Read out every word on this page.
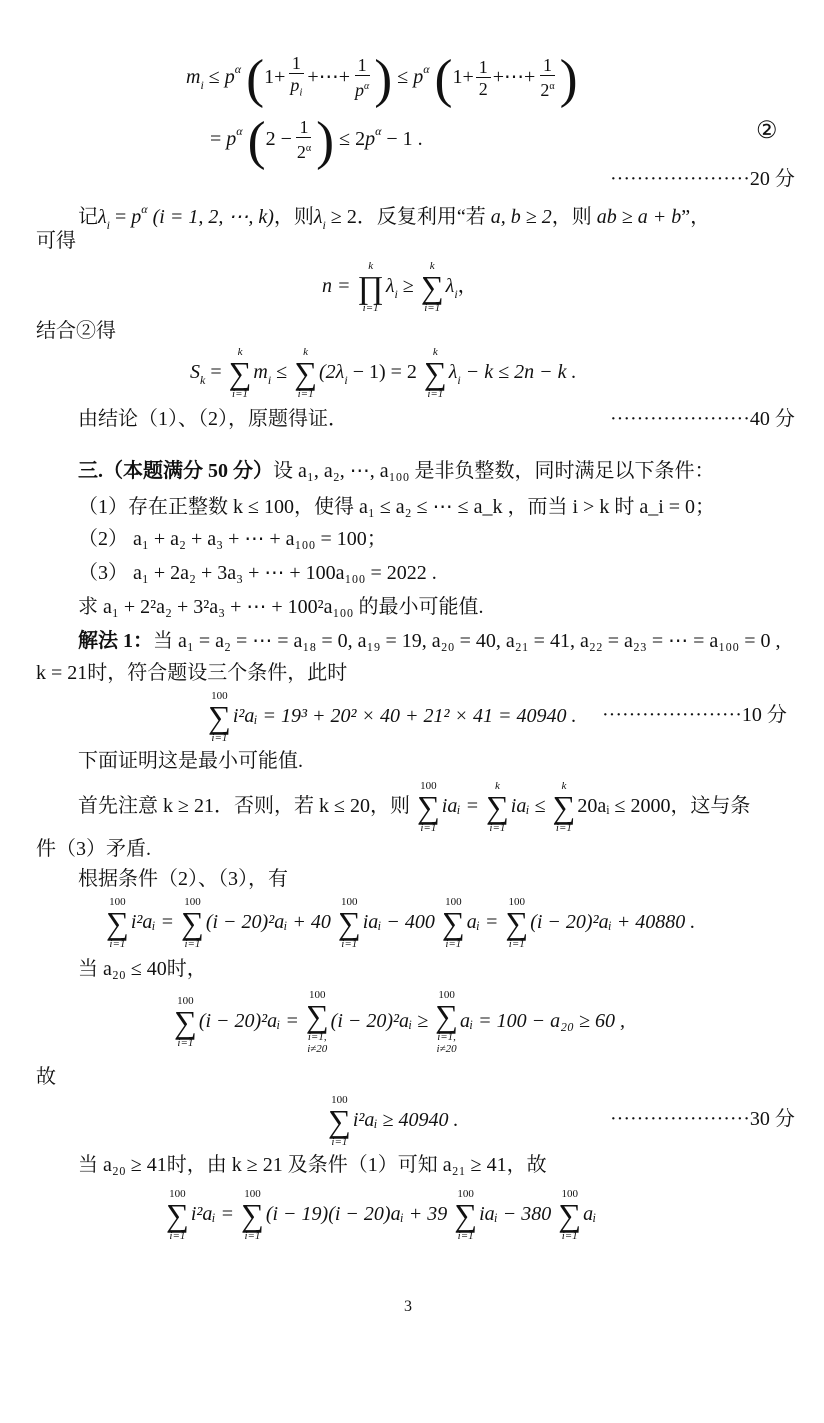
$m_i \le p^\alpha$ ($1+ \frac{1}{p_i}$ +⋯+ $\frac{1}{p^\alpha}$ ) ≤ $p^\alpha$ ($1+ \frac{1}{2}$ +⋯+ $\frac{1}{2^\alpha}$ )
= $p^\alpha$ ($2 - \frac{1}{2^\alpha}$ ) ≤ $2p^\alpha - 1$ .	②
·····················20 分
记$\lambda_i = p^\alpha$ (i = 1, 2, ⋯, k)，则$\lambda_i \ge 2$．反复利用“若 a, b ≥ 2，则 ab ≥ a + b”，
可得
n =
k
∏
i=1
$\lambda_i$ ≥
k
∑
i=1
$\lambda_i$，
结合②得
$S_k$ =
k
∑
i=1
$m_i$ ≤
k
∑
i=1
$(2\lambda_i - 1) = 2$
k
∑
i=1
$\lambda_i - k \le 2n - k$ .
由结论（1）、（2），原题得证．	·····················40 分
三.（本题满分 50 分）设 a₁, a₂, ⋯, a₁₀₀ 是非负整数，同时满足以下条件：
（1）存在正整数 k ≤ 100，使得 a₁ ≤ a₂ ≤ ⋯ ≤ a_k ，而当 i > k 时 a_i = 0；
（2） a₁ + a₂ + a₃ + ⋯ + a₁₀₀ = 100；
（3） a₁ + 2a₂ + 3a₃ + ⋯ + 100a₁₀₀ = 2022 .
求 a₁ + 2²a₂ + 3²a₃ + ⋯ + 100²a₁₀₀ 的最小可能值.
解法 1：当 a₁ = a₂ = ⋯ = a₁₈ = 0, a₁₉ = 19, a₂₀ = 40, a₂₁ = 41, a₂₂ = a₂₃ = ⋯ = a₁₀₀ = 0 ,
k = 21时，符合题设三个条件，此时
100
∑
i=1
i²aᵢ = 19³ + 20² × 40 + 21² × 41 = 40940 . ·····················10 分
下面证明这是最小可能值.
首先注意 k ≥ 21．否则，若 k ≤ 20，则
100
∑
i=1
iaᵢ =
k
∑
i=1
iaᵢ ≤
k
∑
i=1
20aᵢ ≤ 2000，这与条
件（3）矛盾.
根据条件（2）、（3），有
100
∑
i=1
i²aᵢ =
100
∑
i=1
(i − 20)²aᵢ + 40
100
∑
i=1
iaᵢ − 400
100
∑
i=1
aᵢ =
100
∑
i=1
(i − 20)²aᵢ + 40880 .
当 a₂₀ ≤ 40时，
100
∑
i=1
(i − 20)²aᵢ =
100
∑
i=1,
i≠20
(i − 20)²aᵢ ≥
100
∑
i=1,
i≠20
aᵢ = 100 − a₂₀ ≥ 60 ,
故
100
∑
i=1
i²aᵢ ≥ 40940 .	·····················30 分
当 a₂₀ ≥ 41时，由 k ≥ 21 及条件（1）可知 a₂₁ ≥ 41，故
100
∑
i=1
i²aᵢ =
100
∑
i=1
(i − 19)(i − 20)aᵢ + 39
100
∑
i=1
iaᵢ − 380
100
∑
i=1
aᵢ
3
